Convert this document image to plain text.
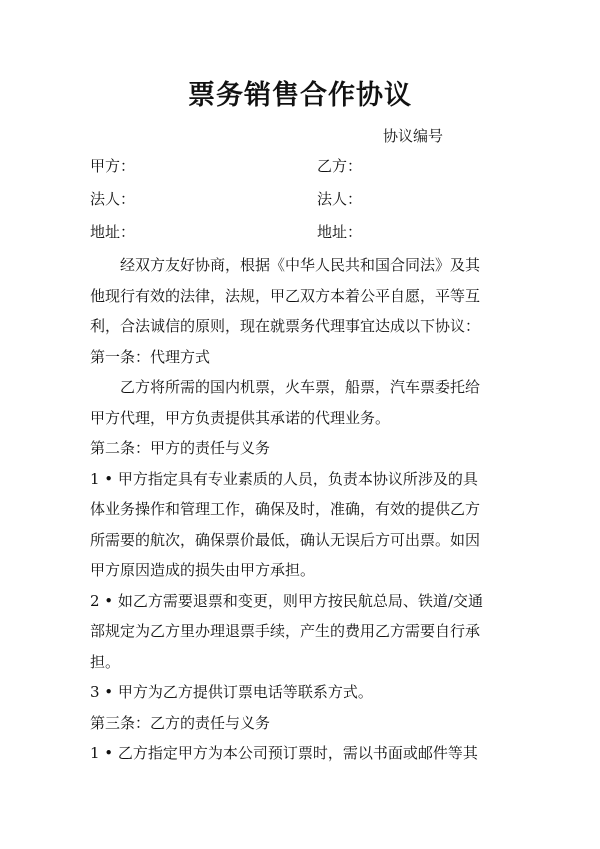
票务销售合作协议
协议编号
甲方：	乙方：
法人：	法人：
地址：	地址：
经双方友好协商，根据《中华人民共和国合同法》及其
他现行有效的法律，法规，甲乙双方本着公平自愿，平等互
利，合法诚信的原则，现在就票务代理事宜达成以下协议：
第一条：代理方式
乙方将所需的国内机票，火车票，船票，汽车票委托给
甲方代理，甲方负责提供其承诺的代理业务。
第二条：甲方的责任与义务
1 • 甲方指定具有专业素质的人员，负责本协议所涉及的具
体业务操作和管理工作，确保及时，准确，有效的提供乙方
所需要的航次，确保票价最低，确认无误后方可出票。如因
甲方原因造成的损失由甲方承担。
2 • 如乙方需要退票和变更，则甲方按民航总局、铁道/交通
部规定为乙方里办理退票手续，产生的费用乙方需要自行承
担。
3 • 甲方为乙方提供订票电话等联系方式。
第三条：乙方的责任与义务
1 • 乙方指定甲方为本公司预订票时，需以书面或邮件等其
